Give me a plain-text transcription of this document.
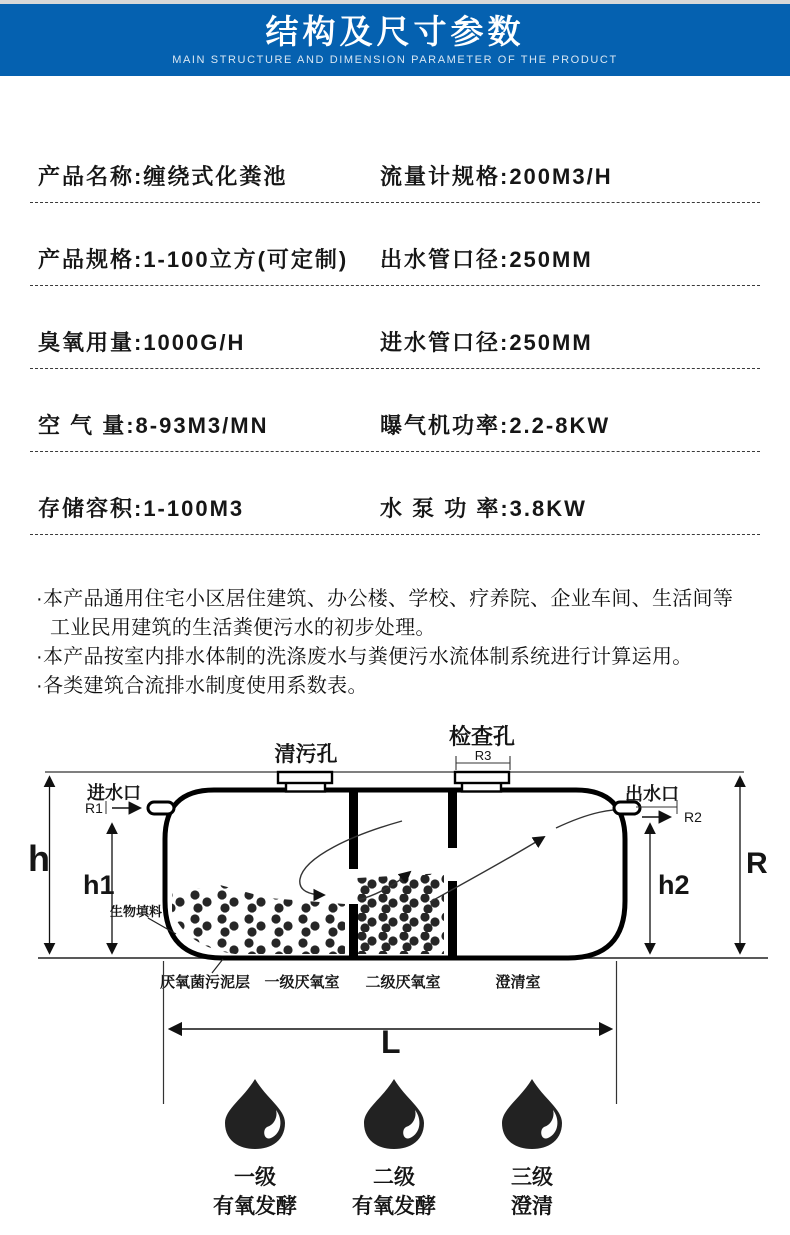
结构及尺寸参数
MAIN STRUCTURE AND DIMENSION PARAMETER OF THE PRODUCT
产品名称:缠绕式化粪池	流量计规格:200M3/H
产品规格:1-100立方(可定制)	出水管口径:250MM
臭氧用量:1000G/H	进水管口径:250MM
空 气 量:8-93M3/MN	曝气机功率:2.2-8KW
存储容积:1-100M3	水 泵 功 率:3.8KW
·本产品通用住宅小区居住建筑、办公楼、学校、疗养院、企业车间、生活间等
工业民用建筑的生活粪便污水的初步处理。
·本产品按室内排水体制的洗涤废水与粪便污水流体制系统进行计算运用。
·各类建筑合流排水制度使用系数表。
清污孔
检查孔
R3
进水口
R1
出水口
R2
h
h1	h2
R
生物填料
厌氧菌污泥层 一级厌氧室 二级厌氧室	澄清室
L
一级
有氧发酵
二级
有氧发酵
三级
澄清
